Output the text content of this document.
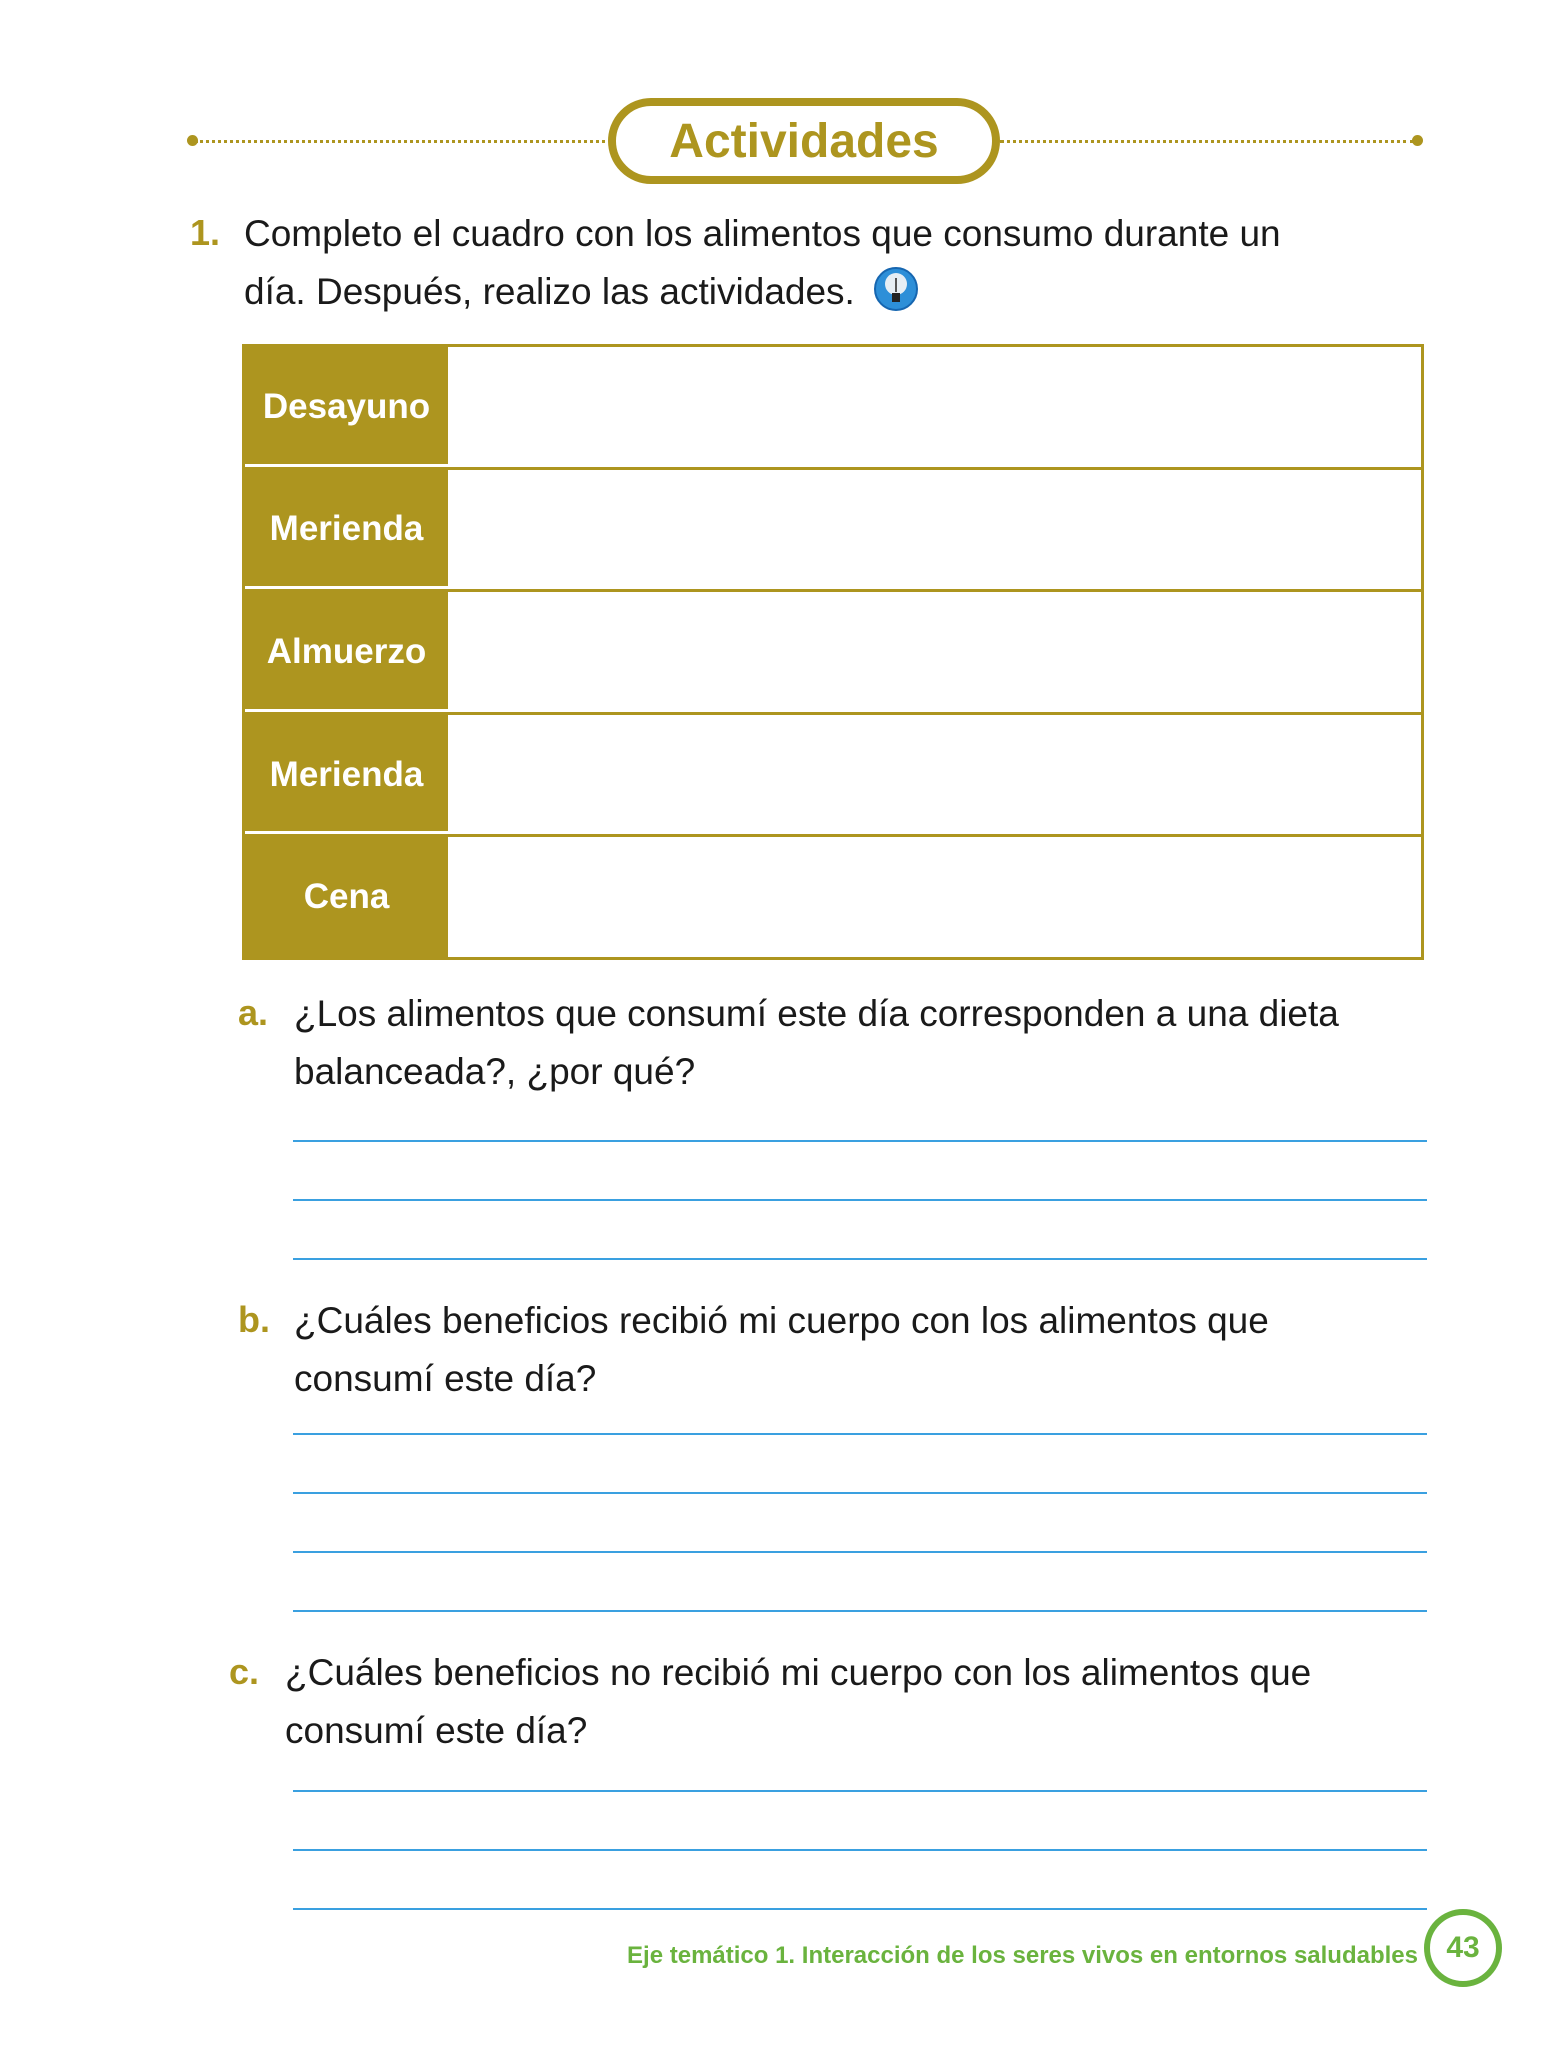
Actividades
1. Completo el cuadro con los alimentos que consumo durante un
día. Después, realizo las actividades.
Desayuno
Merienda
Almuerzo
Merienda
Cena
a. ¿Los alimentos que consumí este día corresponden a una dieta
balanceada?, ¿por qué?
b. ¿Cuáles beneficios recibió mi cuerpo con los alimentos que
consumí este día?
c. ¿Cuáles beneficios no recibió mi cuerpo con los alimentos que
consumí este día?
Eje temático 1. Interacción de los seres vivos en entornos saludables 43
